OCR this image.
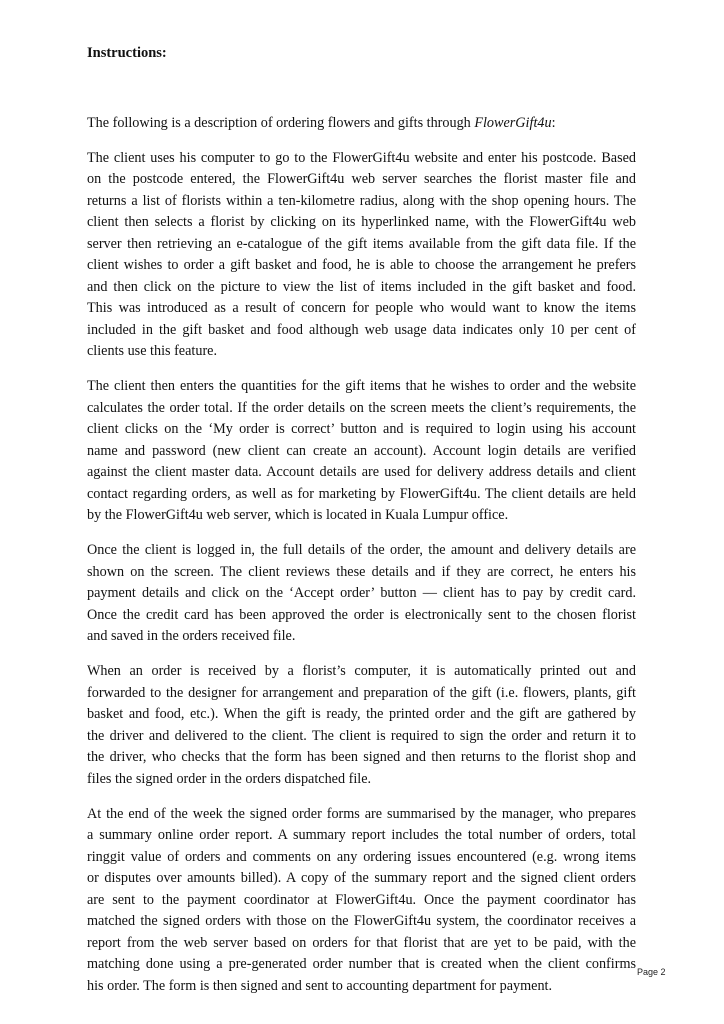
Instructions:
The following is a description of ordering flowers and gifts through FlowerGift4u:
The client uses his computer to go to the FlowerGift4u website and enter his postcode. Based
on the postcode entered, the FlowerGift4u web server searches the florist master file and
returns a list of florists within a ten-kilometre radius, along with the shop opening hours. The
client then selects a florist by clicking on its hyperlinked name, with the FlowerGift4u web
server then retrieving an e-catalogue of the gift items available from the gift data file. If the
client wishes to order a gift basket and food, he is able to choose the arrangement he prefers
and then click on the picture to view the list of items included in the gift basket and food.
This was introduced as a result of concern for people who would want to know the items
included in the gift basket and food although web usage data indicates only 10 per cent of
clients use this feature.
The client then enters the quantities for the gift items that he wishes to order and the website
calculates the order total. If the order details on the screen meets the client’s requirements, the
client clicks on the ‘My order is correct’ button and is required to login using his account
name and password (new client can create an account). Account login details are verified
against the client master data. Account details are used for delivery address details and client
contact regarding orders, as well as for marketing by FlowerGift4u. The client details are held
by the FlowerGift4u web server, which is located in Kuala Lumpur office.
Once the client is logged in, the full details of the order, the amount and delivery details are
shown on the screen. The client reviews these details and if they are correct, he enters his
payment details and click on the ‘Accept order’ button — client has to pay by credit card.
Once the credit card has been approved the order is electronically sent to the chosen florist
and saved in the orders received file.
When an order is received by a florist’s computer, it is automatically printed out and
forwarded to the designer for arrangement and preparation of the gift (i.e. flowers, plants, gift
basket and food, etc.). When the gift is ready, the printed order and the gift are gathered by
the driver and delivered to the client. The client is required to sign the order and return it to
the driver, who checks that the form has been signed and then returns to the florist shop and
files the signed order in the orders dispatched file.
At the end of the week the signed order forms are summarised by the manager, who prepares
a summary online order report. A summary report includes the total number of orders, total
ringgit value of orders and comments on any ordering issues encountered (e.g. wrong items
or disputes over amounts billed). A copy of the summary report and the signed client orders
are sent to the payment coordinator at FlowerGift4u. Once the payment coordinator has
matched the signed orders with those on the FlowerGift4u system, the coordinator receives a
report from the web server based on orders for that florist that are yet to be paid, with the
matching done using a pre-generated order number that is created when the client confirms
his order. The form is then signed and sent to accounting department for payment.
Page 2
